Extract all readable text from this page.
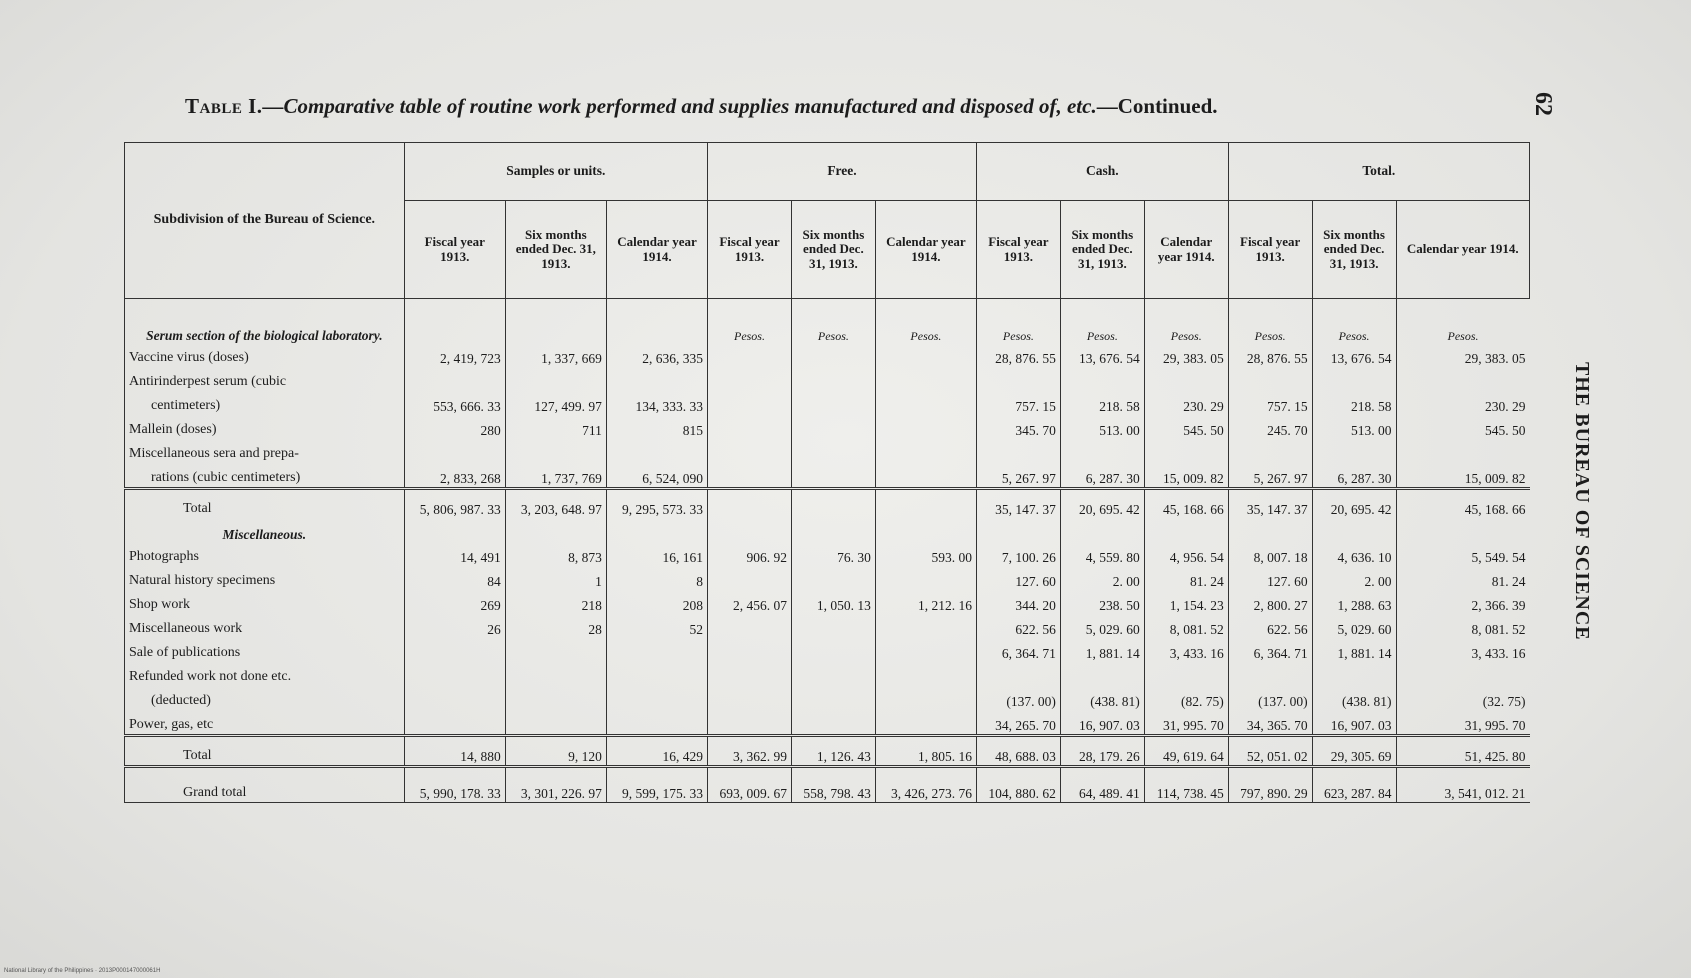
Table I.—Comparative table of routine work performed and supplies manufactured and disposed of, etc.—Continued.	62
THE BUREAU OF SCIENCE
National Library of the Philippines · 2013P000147000061H
Subdivision of the Bureau of Science.	Samples or units.			Free.			Cash.			Total.		
	Fiscal year 1913.	Six months ended Dec. 31, 1913.	Calendar year 1914.	Fiscal year 1913.	Six months ended Dec. 31, 1913.	Calendar year 1914.	Fiscal year 1913.	Six months ended Dec. 31, 1913.	Calendar year 1914.	Fiscal year 1913.	Six months ended Dec. 31, 1913.	Calendar year 1914.
Serum section of the biological laboratory.				Pesos.	Pesos.	Pesos.	Pesos.	Pesos.	Pesos.	Pesos.	Pesos.	Pesos.
Vaccine virus (doses)	2, 419, 723	1, 337, 669	2, 636, 335				28, 876. 55	13, 676. 54	29, 383. 05	28, 876. 55	13, 676. 54	29, 383. 05
Antirinderpest serum (cubic												
centimeters)	553, 666. 33	127, 499. 97	134, 333. 33				757. 15	218. 58	230. 29	757. 15	218. 58	230. 29
Mallein (doses)	280	711	815				345. 70	513. 00	545. 50	245. 70	513. 00	545. 50
Miscellaneous sera and prepa-												
rations (cubic centimeters)	2, 833, 268	1, 737, 769	6, 524, 090				5, 267. 97	6, 287. 30	15, 009. 82	5, 267. 97	6, 287. 30	15, 009. 82
Total	5, 806, 987. 33	3, 203, 648. 97	9, 295, 573. 33				35, 147. 37	20, 695. 42	45, 168. 66	35, 147. 37	20, 695. 42	45, 168. 66
Miscellaneous.												
Photographs	14, 491	8, 873	16, 161	906. 92	76. 30	593. 00	7, 100. 26	4, 559. 80	4, 956. 54	8, 007. 18	4, 636. 10	5, 549. 54
Natural history specimens	84	1	8				127. 60	2. 00	81. 24	127. 60	2. 00	81. 24
Shop work	269	218	208	2, 456. 07	1, 050. 13	1, 212. 16	344. 20	238. 50	1, 154. 23	2, 800. 27	1, 288. 63	2, 366. 39
Miscellaneous work	26	28	52				622. 56	5, 029. 60	8, 081. 52	622. 56	5, 029. 60	8, 081. 52
Sale of publications							6, 364. 71	1, 881. 14	3, 433. 16	6, 364. 71	1, 881. 14	3, 433. 16
Refunded work not done etc.												
(deducted)							(137. 00)	(438. 81)	(82. 75)	(137. 00)	(438. 81)	(32. 75)
Power, gas, etc							34, 265. 70	16, 907. 03	31, 995. 70	34, 365. 70	16, 907. 03	31, 995. 70
Total	14, 880	9, 120	16, 429	3, 362. 99	1, 126. 43	1, 805. 16	48, 688. 03	28, 179. 26	49, 619. 64	52, 051. 02	29, 305. 69	51, 425. 80
Grand total	5, 990, 178. 33	3, 301, 226. 97	9, 599, 175. 33	693, 009. 67	558, 798. 43	3, 426, 273. 76	104, 880. 62	64, 489. 41	114, 738. 45	797, 890. 29	623, 287. 84	3, 541, 012. 21
